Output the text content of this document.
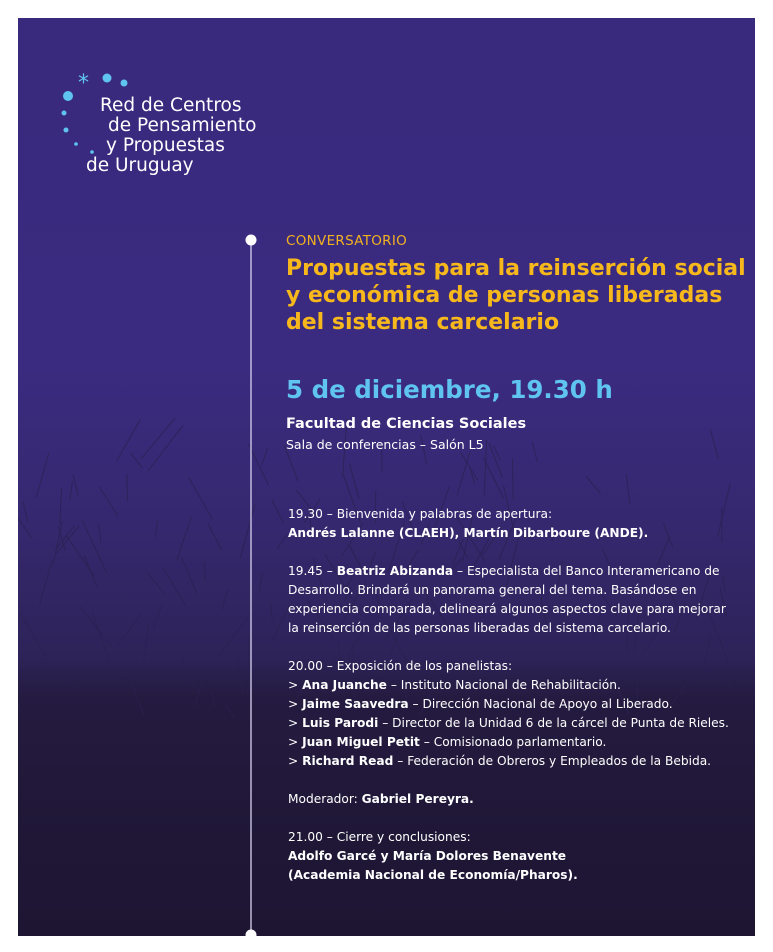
*
Red de Centros
de Pensamiento
y Propuestas
de Uruguay
CONVERSATORIO
Propuestas para la reinserción social
y económica de personas liberadas
del sistema carcelario
5 de diciembre, 19.30 h
Facultad de Ciencias Sociales
Sala de conferencias – Salón L5
19.30 – Bienvenida y palabras de apertura:
Andrés Lalanne (CLAEH), Martín Dibarboure (ANDE).
19.45 – Beatriz Abizanda – Especialista del Banco Interamericano de
Desarrollo. Brindará un panorama general del tema. Basándose en
experiencia comparada, delineará algunos aspectos clave para mejorar
la reinserción de las personas liberadas del sistema carcelario.
20.00 – Exposición de los panelistas:
> Ana Juanche – Instituto Nacional de Rehabilitación.
> Jaime Saavedra – Dirección Nacional de Apoyo al Liberado.
> Luis Parodi – Director de la Unidad 6 de la cárcel de Punta de Rieles.
> Juan Miguel Petit – Comisionado parlamentario.
> Richard Read – Federación de Obreros y Empleados de la Bebida.
Moderador: Gabriel Pereyra.
21.00 – Cierre y conclusiones:
Adolfo Garcé y María Dolores Benavente
(Academia Nacional de Economía/Pharos).
